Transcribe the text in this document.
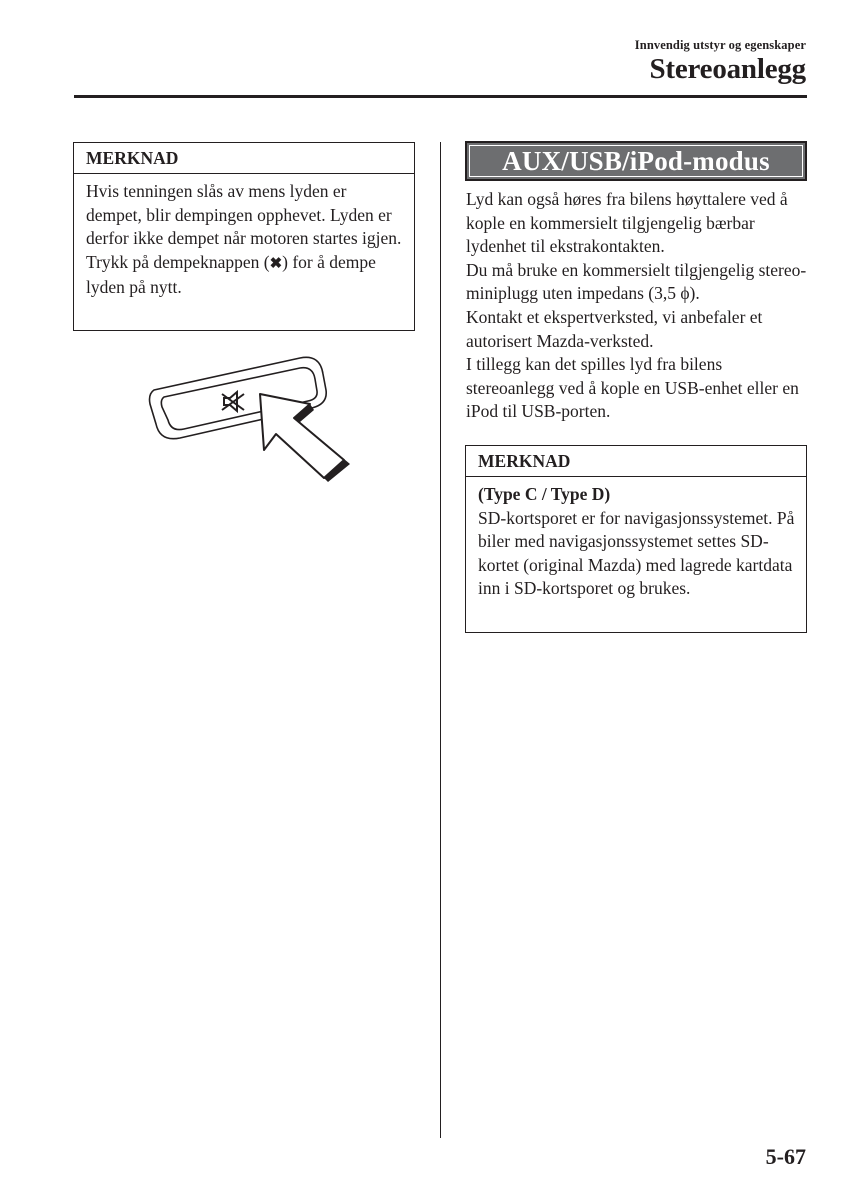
Innvendig utstyr og egenskaper
Stereoanlegg
MERKNAD
Hvis tenningen slås av mens lyden er dempet, blir dempingen opphevet. Lyden er derfor ikke dempet når motoren startes igjen. Trykk på dempeknappen (✖) for å dempe lyden på nytt.
AUX/USB/iPod-modus

Lyd kan også høres fra bilens høyttalere ved å kople en kommersielt tilgjengelig bærbar lydenhet til ekstrakontakten.

Du må bruke en kommersielt tilgjengelig stereo-miniplugg uten impedans (3,5 ϕ).

Kontakt et ekspertverksted, vi anbefaler et autorisert Mazda-verksted.

I tillegg kan det spilles lyd fra bilens stereoanlegg ved å kople en USB-enhet eller en iPod til USB-porten.

MERKNAD
(Type C / Type D)
SD-kortsporet er for navigasjonssystemet. På biler med navigasjonssystemet settes SD-kortet (original Mazda) med lagrede kartdata inn i SD-kortsporet og brukes.
5-67
